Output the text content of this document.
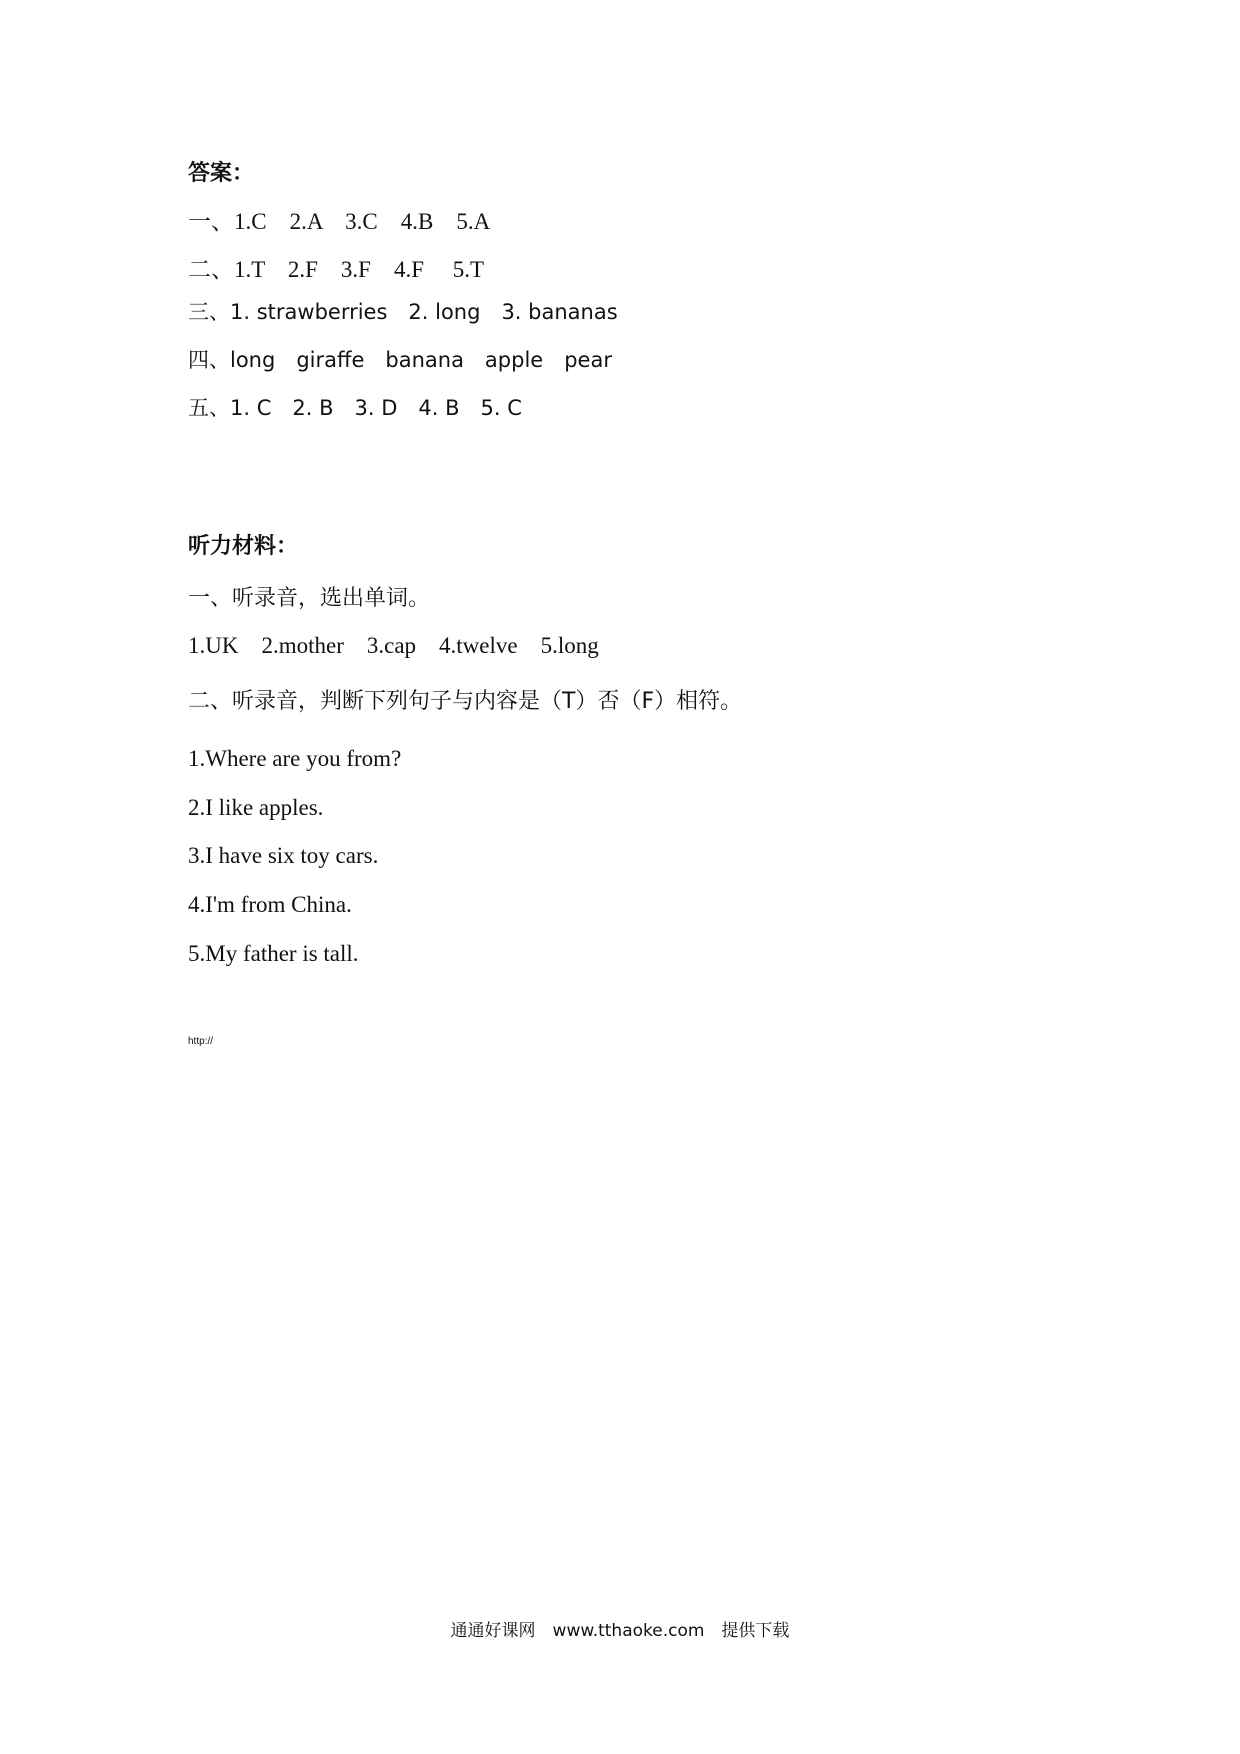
答案：
一、1.C　2.A　3.C　4.B　5.A
二、1.T　2.F　3.F　4.F　 5.T
三、1. strawberries　2. long　3. bananas
四、long　giraffe　banana　apple　pear
五、1. C　2. B　3. D　4. B　5. C
听力材料：
一、听录音，选出单词。
1.UK　2.mother　3.cap　4.twelve　5.long
二、听录音，判断下列句子与内容是（T）否（F）相符。
1.Where are you from?
2.I like apples.
3.I have six toy cars.
4.I'm from China.
5.My father is tall.
http://
通通好课网　www.tthaoke.com　提供下载
